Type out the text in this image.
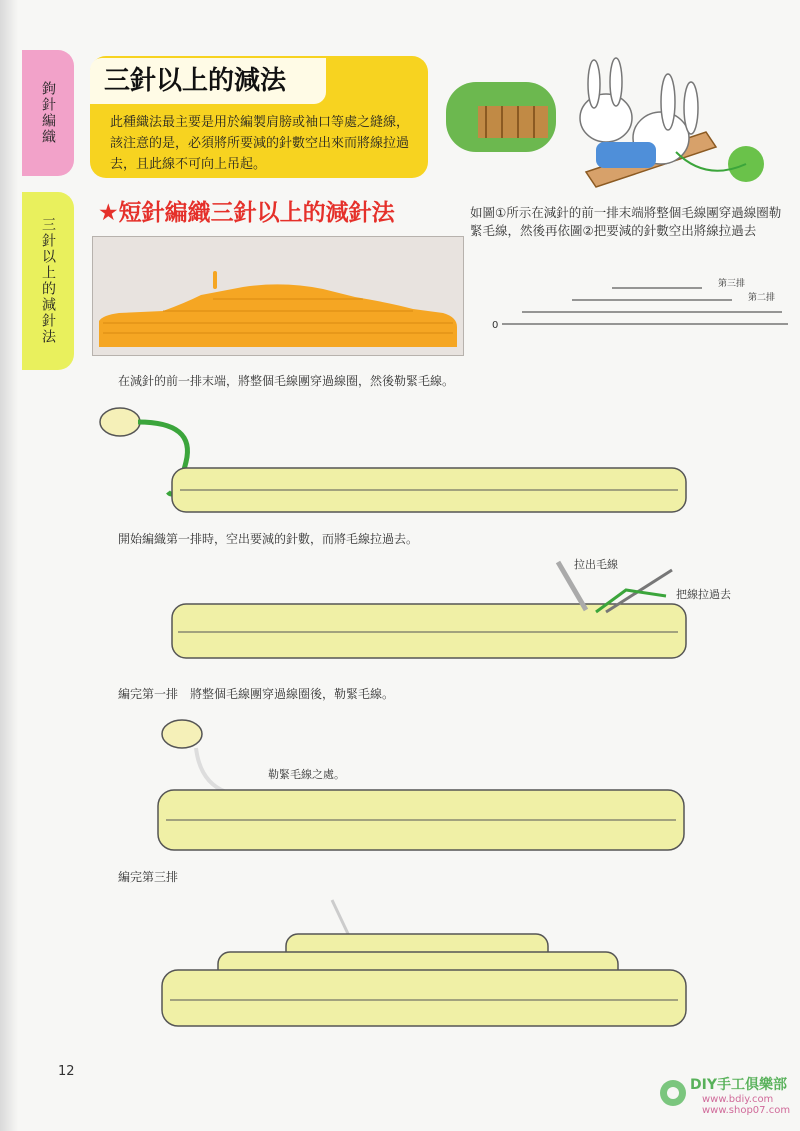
鉤針編織
三針以上的減針法
三針以上的減法

此種織法最主要是用於編製肩膀或袖口等處之縫線，該注意的是，必須將所要減的針數空出來而將線拉過去，且此線不可向上吊起。

★短針編織三針以上的減針法	如圖①所示在減針的前一排末端將整個毛線團穿過線圈勒緊毛線，然後再依圖②把要減的針數空出將線拉過去

0
第三排
第二排

在減針的前一排末端，將整個毛線團穿過線圈，然後勒緊毛線。

開始編織第一排時，空出要減的針數，而將毛線拉過去。

拉出毛線

把線拉過去

編完第一排　將整個毛線團穿過線圈後，勒緊毛線。

勒緊毛線之處。

編完第三排

12

DIY手工俱樂部

www.bdiy.com www.shop07.com
